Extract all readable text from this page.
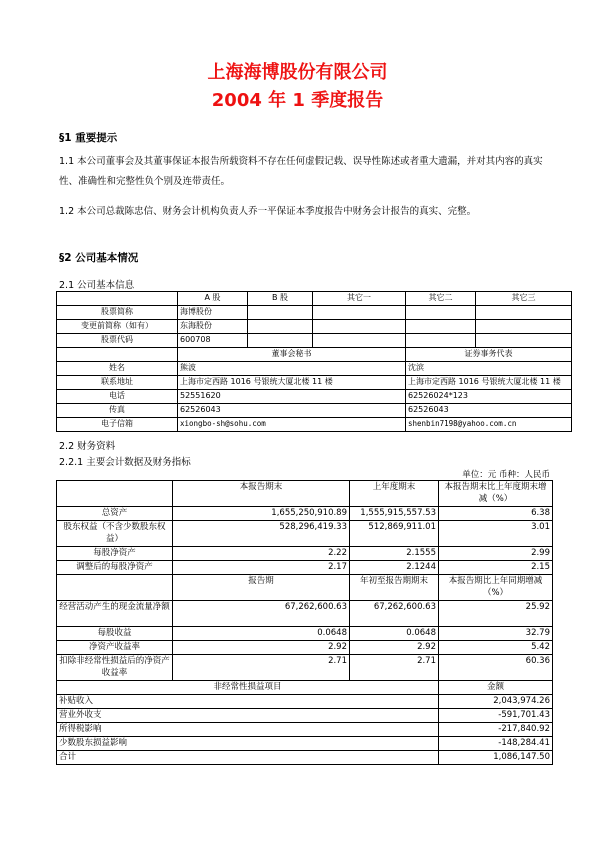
上海海博股份有限公司
2004 年 1 季度报告
§1 重要提示
1.1 本公司董事会及其董事保证本报告所载资料不存在任何虚假记载、误导性陈述或者重大遗漏，并对其内容的真实性、准确性和完整性负个别及连带责任。
1.2 本公司总裁陈忠信、财务会计机构负责人乔一平保证本季度报告中财务会计报告的真实、完整。
§2 公司基本情况
2.1 公司基本信息
	A 股	B 股	其它一	其它二	其它三
股票简称	海博股份				
变更前简称（如有）	东海股份				
股票代码	600708				
	董事会秘书			证券事务代表	
姓名	熊波			沈滨	
联系地址	上海市定西路 1016 号银统大厦北楼 11 楼			上海市定西路 1016 号银统大厦北楼 11 楼	
电话	52551620			62526024*123	
传真	62526043			62526043	
电子信箱	xiongbo-sh@sohu.com			shenbin7198@yahoo.com.cn	
2.2 财务资料
2.2.1 主要会计数据及财务指标
单位：元 币种：人民币
	本报告期末	上年度期末	本报告期末比上年度期末增减（%）
总资产	1,655,250,910.89	1,555,915,557.53	6.38
股东权益（不含少数股东权益）	528,296,419.33	512,869,911.01	3.01
每股净资产	2.22	2.1555	2.99
调整后的每股净资产	2.17	2.1244	2.15
	报告期	年初至报告期期末	本报告期比上年同期增减（%）
经营活动产生的现金流量净额	67,262,600.63	67,262,600.63	25.92
每股收益	0.0648	0.0648	32.79
净资产收益率	2.92	2.92	5.42
扣除非经常性损益后的净资产收益率	2.71	2.71	60.36
非经常性损益项目			金额
补贴收入			2,043,974.26
营业外收支			-591,701.43
所得税影响			-217,840.92
少数股东损益影响			-148,284.41
合计			1,086,147.50
